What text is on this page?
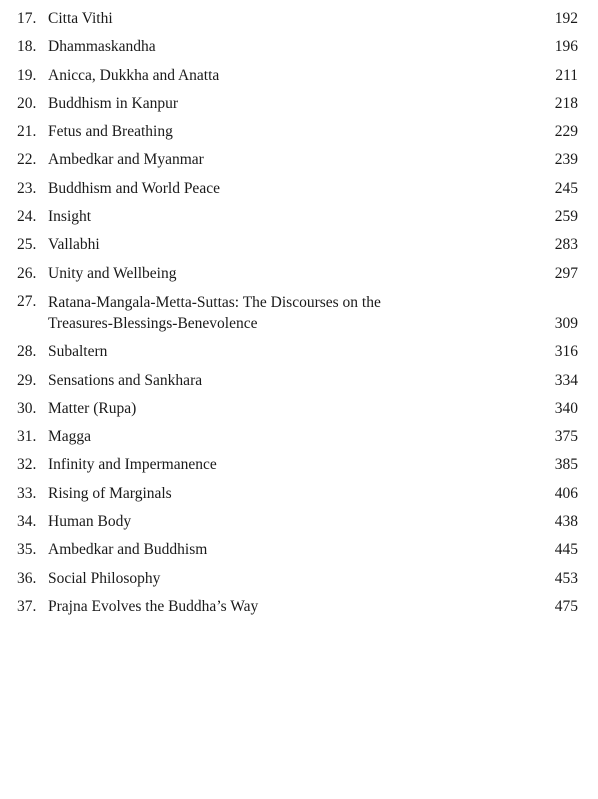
17. Citta Vithi	192
18. Dhammaskandha	196
19. Anicca, Dukkha and Anatta	211
20. Buddhism in Kanpur	218
21. Fetus and Breathing	229
22. Ambedkar and Myanmar	239
23. Buddhism and World Peace	245
24. Insight	259
25. Vallabhi	283
26. Unity and Wellbeing	297
27. Ratana-Mangala-Metta-Suttas: The Discourses on the
Treasures-Blessings-Benevolence	309
28. Subaltern	316
29. Sensations and Sankhara	334
30. Matter (Rupa)	340
31. Magga	375
32. Infinity and Impermanence	385
33. Rising of Marginals	406
34. Human Body	438
35. Ambedkar and Buddhism	445
36. Social Philosophy	453
37. Prajna Evolves the Buddha’s Way	475
